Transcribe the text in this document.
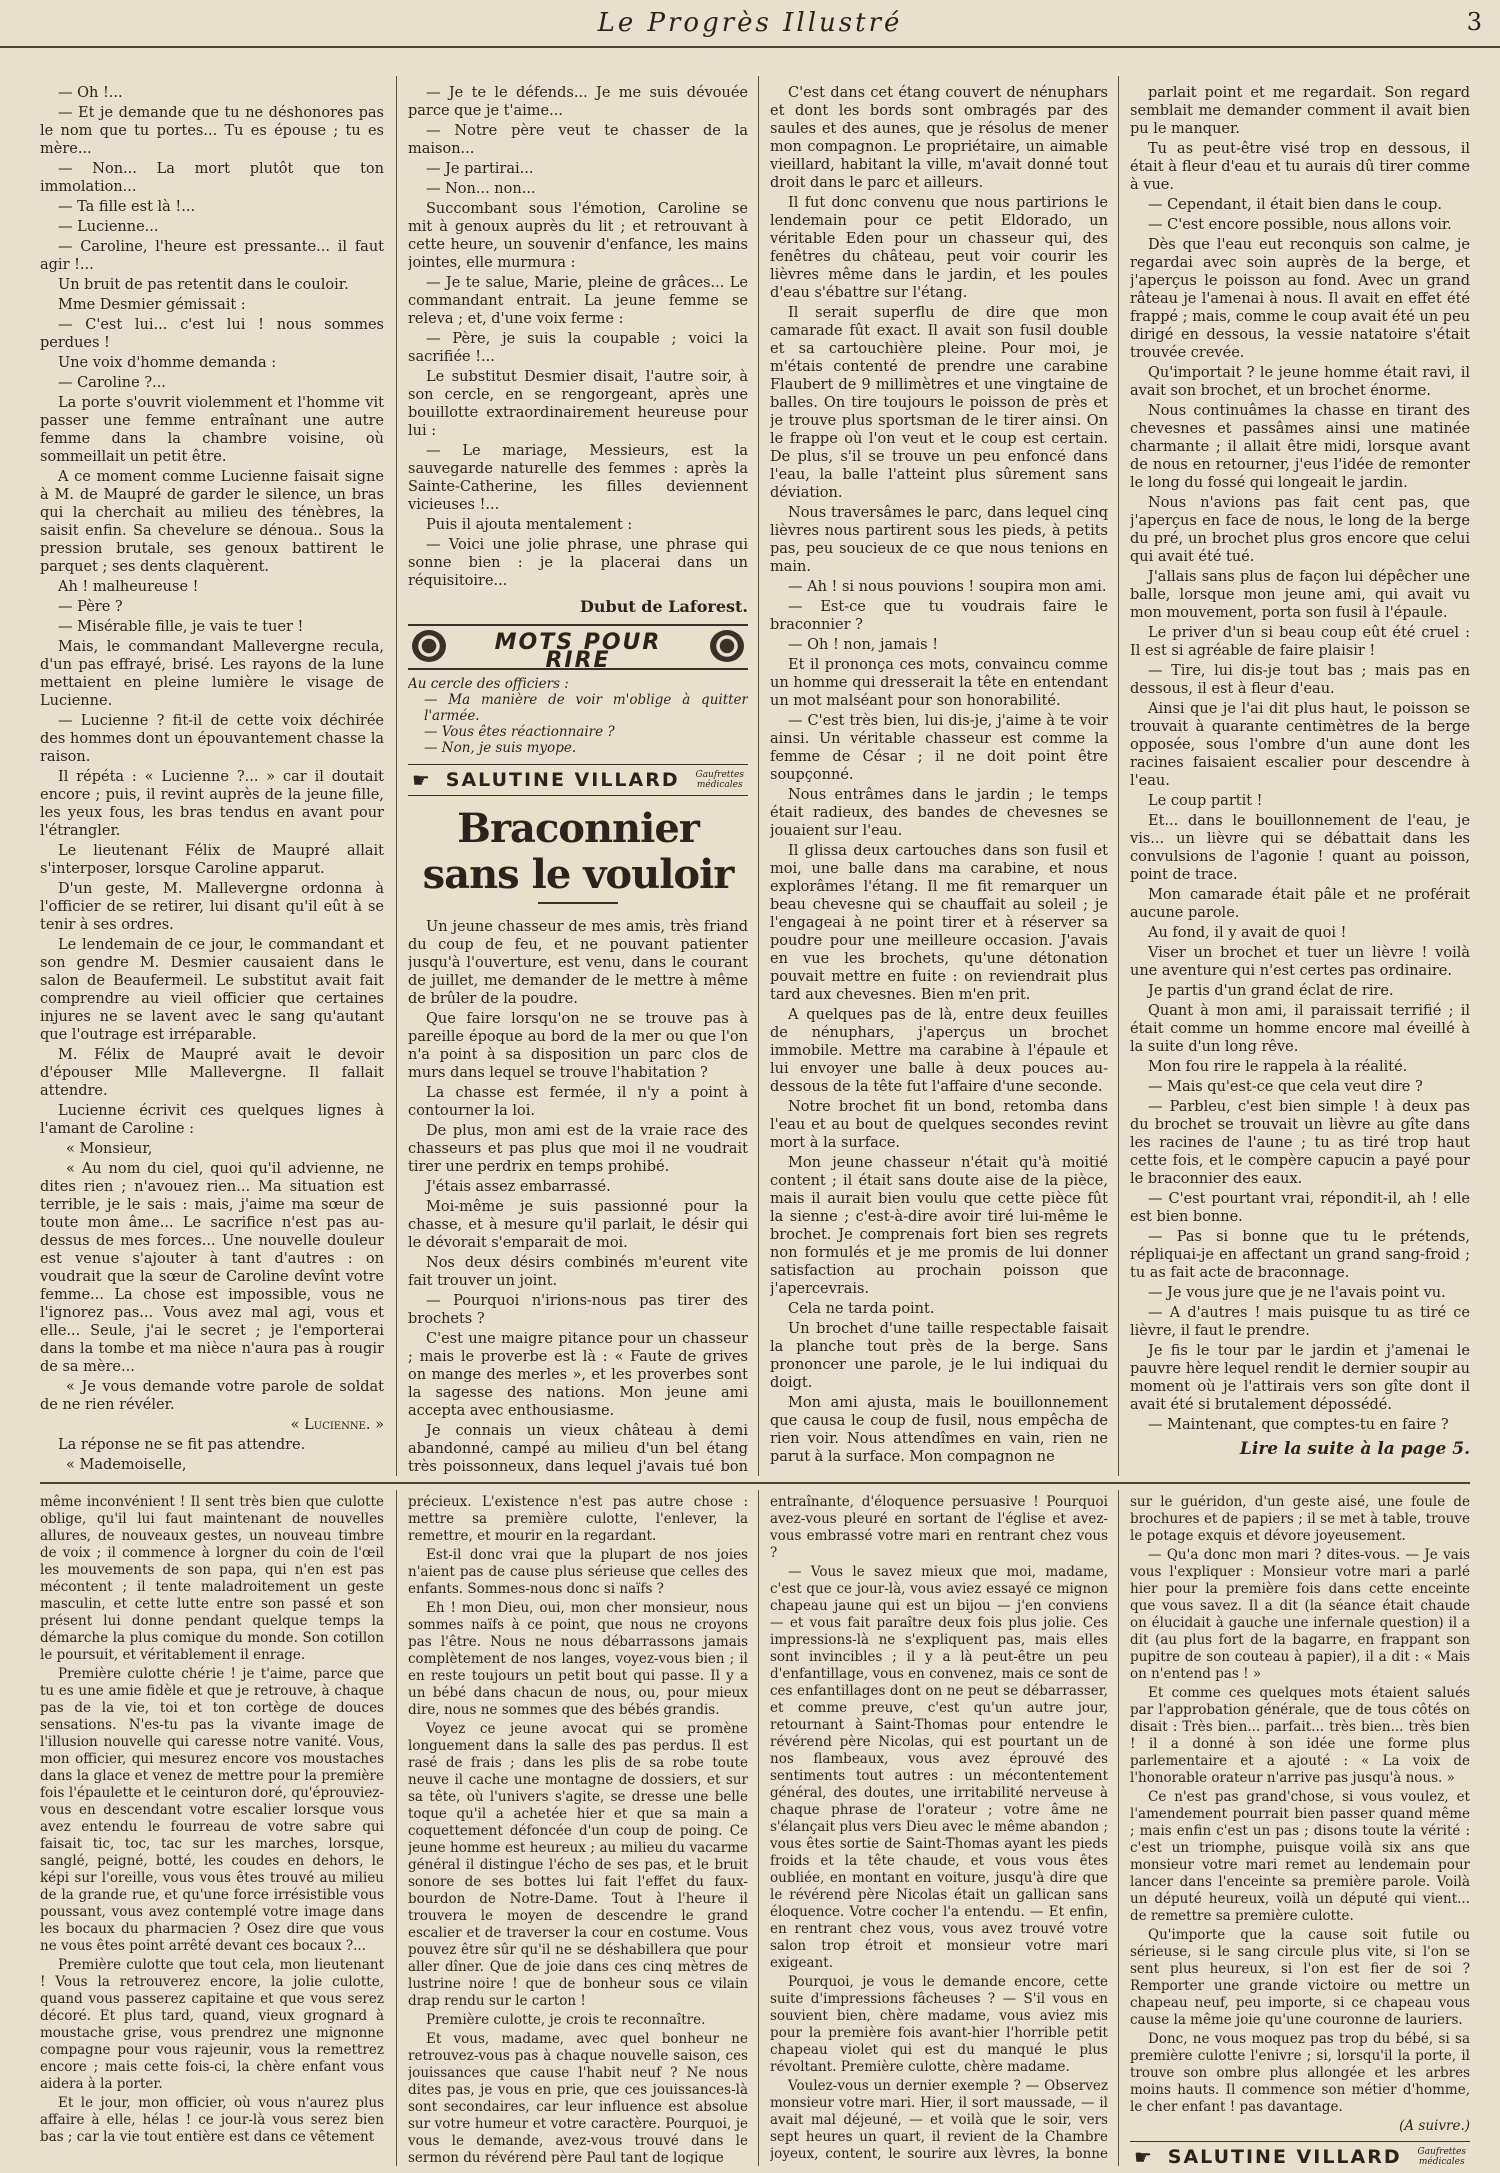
Le Progrès Illustré	3

— Oh !...

— Et je demande que tu ne déshonores pas le nom que tu portes... Tu es épouse ; tu es mère...

— Non... La mort plutôt que ton immolation...

— Ta fille est là !...

— Lucienne...

— Caroline, l'heure est pressante... il faut agir !...

Un bruit de pas retentit dans le couloir.

Mme Desmier gémissait :

— C'est lui... c'est lui ! nous sommes perdues !

Une voix d'homme demanda :

— Caroline ?...

La porte s'ouvrit violemment et l'homme vit passer une femme entraînant une autre femme dans la chambre voisine, où sommeillait un petit être.

A ce moment comme Lucienne faisait signe à M. de Maupré de garder le silence, un bras qui la cherchait au milieu des ténèbres, la saisit enfin. Sa chevelure se dénoua.. Sous la pression brutale, ses genoux battirent le parquet ; ses dents claquèrent.

Ah ! malheureuse !

— Père ?

— Misérable fille, je vais te tuer !

Mais, le commandant Mallevergne recula, d'un pas effrayé, brisé. Les rayons de la lune mettaient en pleine lumière le visage de Lucienne.

— Lucienne ? fit-il de cette voix déchirée des hommes dont un épouvantement chasse la raison.

Il répéta : « Lucienne ?... » car il doutait encore ; puis, il revint auprès de la jeune fille, les yeux fous, les bras tendus en avant pour l'étrangler.

Le lieutenant Félix de Maupré allait s'interposer, lorsque Caroline apparut.

D'un geste, M. Mallevergne ordonna à l'officier de se retirer, lui disant qu'il eût à se tenir à ses ordres.

Le lendemain de ce jour, le commandant et son gendre M. Desmier causaient dans le salon de Beaufermeil. Le substitut avait fait comprendre au vieil officier que certaines injures ne se lavent avec le sang qu'autant que l'outrage est irréparable.

M. Félix de Maupré avait le devoir d'épouser Mlle Mallevergne. Il fallait attendre.

Lucienne écrivit ces quelques lignes à l'amant de Caroline :

« Monsieur,

« Au nom du ciel, quoi qu'il advienne, ne dites rien ; n'avouez rien... Ma situation est terrible, je le sais : mais, j'aime ma sœur de toute mon âme... Le sacrifice n'est pas au-dessus de mes forces... Une nouvelle douleur est venue s'ajouter à tant d'autres : on voudrait que la sœur de Caroline devînt votre femme... La chose est impossible, vous ne l'ignorez pas... Vous avez mal agi, vous et elle... Seule, j'ai le secret ; je l'emporterai dans la tombe et ma nièce n'aura pas à rougir de sa mère...

« Je vous demande votre parole de soldat de ne rien révéler.

« Lucienne. »

La réponse ne se fit pas attendre.

« Mademoiselle,

— Je te le défends... Je me suis dévouée parce que je t'aime...

— Notre père veut te chasser de la maison...

— Je partirai...

— Non... non...

Succombant sous l'émotion, Caroline se mit à genoux auprès du lit ; et retrouvant à cette heure, un souvenir d'enfance, les mains jointes, elle murmura :

— Je te salue, Marie, pleine de grâces... Le commandant entrait. La jeune femme se releva ; et, d'une voix ferme :

— Père, je suis la coupable ; voici la sacrifiée !...

Le substitut Desmier disait, l'autre soir, à son cercle, en se rengorgeant, après une bouillotte extraordinairement heureuse pour lui :

— Le mariage, Messieurs, est la sauvegarde naturelle des femmes : après la Sainte-Catherine, les filles deviennent vicieuses !...

Puis il ajouta mentalement :

— Voici une jolie phrase, une phrase qui sonne bien : je la placerai dans un réquisitoire...

Dubut de Laforest.
MOTS POUR RIRE

Au cercle des officiers :

— Ma manière de voir m'oblige à quitter l'armée.

— Vous êtes réactionnaire ?

— Non, je suis myope.

☛ SALUTINE VILLARD Gaufrettes
médicales
Braconnier sans le vouloir

Un jeune chasseur de mes amis, très friand du coup de feu, et ne pouvant patienter jusqu'à l'ouverture, est venu, dans le courant de juillet, me demander de le mettre à même de brûler de la poudre.

Que faire lorsqu'on ne se trouve pas à pareille époque au bord de la mer ou que l'on n'a point à sa disposition un parc clos de murs dans lequel se trouve l'habitation ?

La chasse est fermée, il n'y a point à contourner la loi.

De plus, mon ami est de la vraie race des chasseurs et pas plus que moi il ne voudrait tirer une perdrix en temps prohibé.

J'étais assez embarrassé.

Moi-même je suis passionné pour la chasse, et à mesure qu'il parlait, le désir qui le dévorait s'emparait de moi.

Nos deux désirs combinés m'eurent vite fait trouver un joint.

— Pourquoi n'irions-nous pas tirer des brochets ?

C'est une maigre pitance pour un chasseur ; mais le proverbe est là : « Faute de grives on mange des merles », et les proverbes sont la sagesse des nations. Mon jeune ami accepta avec enthousiasme.

Je connais un vieux château à demi abandonné, campé au milieu d'un bel étang très poissonneux, dans lequel j'avais tué bon

C'est dans cet étang couvert de nénuphars et dont les bords sont ombragés par des saules et des aunes, que je résolus de mener mon compagnon. Le propriétaire, un aimable vieillard, habitant la ville, m'avait donné tout droit dans le parc et ailleurs.

Il fut donc convenu que nous partirions le lendemain pour ce petit Eldorado, un véritable Eden pour un chasseur qui, des fenêtres du château, peut voir courir les lièvres même dans le jardin, et les poules d'eau s'ébattre sur l'étang.

Il serait superflu de dire que mon camarade fût exact. Il avait son fusil double et sa cartouchière pleine. Pour moi, je m'étais contenté de prendre une carabine Flaubert de 9 millimètres et une vingtaine de balles. On tire toujours le poisson de près et je trouve plus sportsman de le tirer ainsi. On le frappe où l'on veut et le coup est certain. De plus, s'il se trouve un peu enfoncé dans l'eau, la balle l'atteint plus sûrement sans déviation.

Nous traversâmes le parc, dans lequel cinq lièvres nous partirent sous les pieds, à petits pas, peu soucieux de ce que nous tenions en main.

— Ah ! si nous pouvions ! soupira mon ami.

— Est-ce que tu voudrais faire le braconnier ?

— Oh ! non, jamais !

Et il prononça ces mots, convaincu comme un homme qui dresserait la tête en entendant un mot malséant pour son honorabilité.

— C'est très bien, lui dis-je, j'aime à te voir ainsi. Un véritable chasseur est comme la femme de César ; il ne doit point être soupçonné.

Nous entrâmes dans le jardin ; le temps était radieux, des bandes de chevesnes se jouaient sur l'eau.

Il glissa deux cartouches dans son fusil et moi, une balle dans ma carabine, et nous explorâmes l'étang. Il me fit remarquer un beau chevesne qui se chauffait au soleil ; je l'engageai à ne point tirer et à réserver sa poudre pour une meilleure occasion. J'avais en vue les brochets, qu'une détonation pouvait mettre en fuite : on reviendrait plus tard aux chevesnes. Bien m'en prit.

A quelques pas de là, entre deux feuilles de nénuphars, j'aperçus un brochet immobile. Mettre ma carabine à l'épaule et lui envoyer une balle à deux pouces au-dessous de la tête fut l'affaire d'une seconde.

Notre brochet fit un bond, retomba dans l'eau et au bout de quelques secondes revint mort à la surface.

Mon jeune chasseur n'était qu'à moitié content ; il était sans doute aise de la pièce, mais il aurait bien voulu que cette pièce fût la sienne ; c'est-à-dire avoir tiré lui-même le brochet. Je comprenais fort bien ses regrets non formulés et je me promis de lui donner satisfaction au prochain poisson que j'apercevrais.

Cela ne tarda point.

Un brochet d'une taille respectable faisait la planche tout près de la berge. Sans prononcer une parole, je le lui indiquai du doigt.

Mon ami ajusta, mais le bouillonnement que causa le coup de fusil, nous empêcha de rien voir. Nous attendîmes en vain, rien ne parut à la surface. Mon compagnon ne

parlait point et me regardait. Son regard semblait me demander comment il avait bien pu le manquer.

Tu as peut-être visé trop en dessous, il était à fleur d'eau et tu aurais dû tirer comme à vue.

— Cependant, il était bien dans le coup.

— C'est encore possible, nous allons voir.

Dès que l'eau eut reconquis son calme, je regardai avec soin auprès de la berge, et j'aperçus le poisson au fond. Avec un grand râteau je l'amenai à nous. Il avait en effet été frappé ; mais, comme le coup avait été un peu dirigé en dessous, la vessie natatoire s'était trouvée crevée.

Qu'importait ? le jeune homme était ravi, il avait son brochet, et un brochet énorme.

Nous continuâmes la chasse en tirant des chevesnes et passâmes ainsi une matinée charmante ; il allait être midi, lorsque avant de nous en retourner, j'eus l'idée de remonter le long du fossé qui longeait le jardin.

Nous n'avions pas fait cent pas, que j'aperçus en face de nous, le long de la berge du pré, un brochet plus gros encore que celui qui avait été tué.

J'allais sans plus de façon lui dépêcher une balle, lorsque mon jeune ami, qui avait vu mon mouvement, porta son fusil à l'épaule.

Le priver d'un si beau coup eût été cruel : Il est si agréable de faire plaisir !

— Tire, lui dis-je tout bas ; mais pas en dessous, il est à fleur d'eau.

Ainsi que je l'ai dit plus haut, le poisson se trouvait à quarante centimètres de la berge opposée, sous l'ombre d'un aune dont les racines faisaient escalier pour descendre à l'eau.

Le coup partit !

Et... dans le bouillonnement de l'eau, je vis... un lièvre qui se débattait dans les convulsions de l'agonie ! quant au poisson, point de trace.

Mon camarade était pâle et ne proférait aucune parole.

Au fond, il y avait de quoi !

Viser un brochet et tuer un lièvre ! voilà une aventure qui n'est certes pas ordinaire.

Je partis d'un grand éclat de rire.

Quant à mon ami, il paraissait terrifié ; il était comme un homme encore mal éveillé à la suite d'un long rêve.

Mon fou rire le rappela à la réalité.

— Mais qu'est-ce que cela veut dire ?

— Parbleu, c'est bien simple ! à deux pas du brochet se trouvait un lièvre au gîte dans les racines de l'aune ; tu as tiré trop haut cette fois, et le compère capucin a payé pour le braconnier des eaux.

— C'est pourtant vrai, répondit-il, ah ! elle est bien bonne.

— Pas si bonne que tu le prétends, répliquai-je en affectant un grand sang-froid ; tu as fait acte de braconnage.

— Je vous jure que je ne l'avais point vu.

— A d'autres ! mais puisque tu as tiré ce lièvre, il faut le prendre.

Je fis le tour par le jardin et j'amenai le pauvre hère lequel rendit le dernier soupir au moment où je l'attirais vers son gîte dont il avait été si brutalement dépossédé.

— Maintenant, que comptes-tu en faire ?

Lire la suite à la page 5.

même inconvénient ! Il sent très bien que culotte oblige, qu'il lui faut maintenant de nouvelles allures, de nouveaux gestes, un nouveau timbre de voix ; il commence à lorgner du coin de l'œil les mouvements de son papa, qui n'en est pas mécontent ; il tente maladroitement un geste masculin, et cette lutte entre son passé et son présent lui donne pendant quelque temps la démarche la plus comique du monde. Son cotillon le poursuit, et véritablement il enrage.

Première culotte chérie ! je t'aime, parce que tu es une amie fidèle et que je retrouve, à chaque pas de la vie, toi et ton cortège de douces sensations. N'es-tu pas la vivante image de l'illusion nouvelle qui caresse notre vanité. Vous, mon officier, qui mesurez encore vos moustaches dans la glace et venez de mettre pour la première fois l'épaulette et le ceinturon doré, qu'éprouviez-vous en descendant votre escalier lorsque vous avez entendu le fourreau de votre sabre qui faisait tic, toc, tac sur les marches, lorsque, sanglé, peigné, botté, les coudes en dehors, le képi sur l'oreille, vous vous êtes trouvé au milieu de la grande rue, et qu'une force irrésistible vous poussant, vous avez contemplé votre image dans les bocaux du pharmacien ? Osez dire que vous ne vous êtes point arrêté devant ces bocaux ?...

Première culotte que tout cela, mon lieutenant ! Vous la retrouverez encore, la jolie culotte, quand vous passerez capitaine et que vous serez décoré. Et plus tard, quand, vieux grognard à moustache grise, vous prendrez une mignonne compagne pour vous rajeunir, vous la remettrez encore ; mais cette fois-ci, la chère enfant vous aidera à la porter.

Et le jour, mon officier, où vous n'aurez plus affaire à elle, hélas ! ce jour-là vous serez bien bas ; car la vie tout entière est dans ce vêtement

précieux. L'existence n'est pas autre chose : mettre sa première culotte, l'enlever, la remettre, et mourir en la regardant.

Est-il donc vrai que la plupart de nos joies n'aient pas de cause plus sérieuse que celles des enfants. Sommes-nous donc si naïfs ?

Eh ! mon Dieu, oui, mon cher monsieur, nous sommes naïfs à ce point, que nous ne croyons pas l'être. Nous ne nous débarrassons jamais complètement de nos langes, voyez-vous bien ; il en reste toujours un petit bout qui passe. Il y a un bébé dans chacun de nous, ou, pour mieux dire, nous ne sommes que des bébés grandis.

Voyez ce jeune avocat qui se promène longuement dans la salle des pas perdus. Il est rasé de frais ; dans les plis de sa robe toute neuve il cache une montagne de dossiers, et sur sa tête, où l'univers s'agite, se dresse une belle toque qu'il a achetée hier et que sa main a coquettement défoncée d'un coup de poing. Ce jeune homme est heureux ; au milieu du vacarme général il distingue l'écho de ses pas, et le bruit sonore de ses bottes lui fait l'effet du faux-bourdon de Notre-Dame. Tout à l'heure il trouvera le moyen de descendre le grand escalier et de traverser la cour en costume. Vous pouvez être sûr qu'il ne se déshabillera que pour aller dîner. Que de joie dans ces cinq mètres de lustrine noire ! que de bonheur sous ce vilain drap rendu sur le carton !

Première culotte, je crois te reconnaître.

Et vous, madame, avec quel bonheur ne retrouvez-vous pas à chaque nouvelle saison, ces jouissances que cause l'habit neuf ? Ne nous dites pas, je vous en prie, que ces jouissances-là sont secondaires, car leur influence est absolue sur votre humeur et votre caractère. Pourquoi, je vous le demande, avez-vous trouvé dans le sermon du révérend père Paul tant de logique

entraînante, d'éloquence persuasive ! Pourquoi avez-vous pleuré en sortant de l'église et avez-vous embrassé votre mari en rentrant chez vous ?

— Vous le savez mieux que moi, madame, c'est que ce jour-là, vous aviez essayé ce mignon chapeau jaune qui est un bijou — j'en conviens — et vous fait paraître deux fois plus jolie. Ces impressions-là ne s'expliquent pas, mais elles sont invincibles ; il y a là peut-être un peu d'enfantillage, vous en convenez, mais ce sont de ces enfantillages dont on ne peut se débarrasser, et comme preuve, c'est qu'un autre jour, retournant à Saint-Thomas pour entendre le révérend père Nicolas, qui est pourtant un de nos flambeaux, vous avez éprouvé des sentiments tout autres : un mécontentement général, des doutes, une irritabilité nerveuse à chaque phrase de l'orateur ; votre âme ne s'élançait plus vers Dieu avec le même abandon ; vous êtes sortie de Saint-Thomas ayant les pieds froids et la tête chaude, et vous vous êtes oubliée, en montant en voiture, jusqu'à dire que le révérend père Nicolas était un gallican sans éloquence. Votre cocher l'a entendu. — Et enfin, en rentrant chez vous, vous avez trouvé votre salon trop étroit et monsieur votre mari exigeant.

Pourquoi, je vous le demande encore, cette suite d'impressions fâcheuses ? — S'il vous en souvient bien, chère madame, vous aviez mis pour la première fois avant-hier l'horrible petit chapeau violet qui est du manqué le plus révoltant. Première culotte, chère madame.

Voulez-vous un dernier exemple ? — Observez monsieur votre mari. Hier, il sort maussade, — il avait mal déjeuné, — et voilà que le soir, vers sept heures un quart, il revient de la Chambre joyeux, content, le sourire aux lèvres, la bonne

sur le guéridon, d'un geste aisé, une foule de brochures et de papiers ; il se met à table, trouve le potage exquis et dévore joyeusement.

— Qu'a donc mon mari ? dites-vous. — Je vais vous l'expliquer : Monsieur votre mari a parlé hier pour la première fois dans cette enceinte que vous savez. Il a dit (la séance était chaude on élucidait à gauche une infernale question) il a dit (au plus fort de la bagarre, en frappant son pupitre de son couteau à papier), il a dit : « Mais on n'entend pas ! »

Et comme ces quelques mots étaient salués par l'approbation générale, que de tous côtés on disait : Très bien... parfait... très bien... très bien ! il a donné à son idée une forme plus parlementaire et a ajouté : « La voix de l'honorable orateur n'arrive pas jusqu'à nous. »

Ce n'est pas grand'chose, si vous voulez, et l'amendement pourrait bien passer quand même ; mais enfin c'est un pas ; disons toute la vérité : c'est un triomphe, puisque voilà six ans que monsieur votre mari remet au lendemain pour lancer dans l'enceinte sa première parole. Voilà un député heureux, voilà un député qui vient... de remettre sa première culotte.

Qu'importe que la cause soit futile ou sérieuse, si le sang circule plus vite, si l'on se sent plus heureux, si l'on est fier de soi ? Remporter une grande victoire ou mettre un chapeau neuf, peu importe, si ce chapeau vous cause la même joie qu'une couronne de lauriers.

Donc, ne vous moquez pas trop du bébé, si sa première culotte l'enivre ; si, lorsqu'il la porte, il trouve son ombre plus allongée et les arbres moins hauts. Il commence son métier d'homme, le cher enfant ! pas davantage.

(A suivre.)

☛ SALUTINE VILLARD Gaufrettes
médicales
